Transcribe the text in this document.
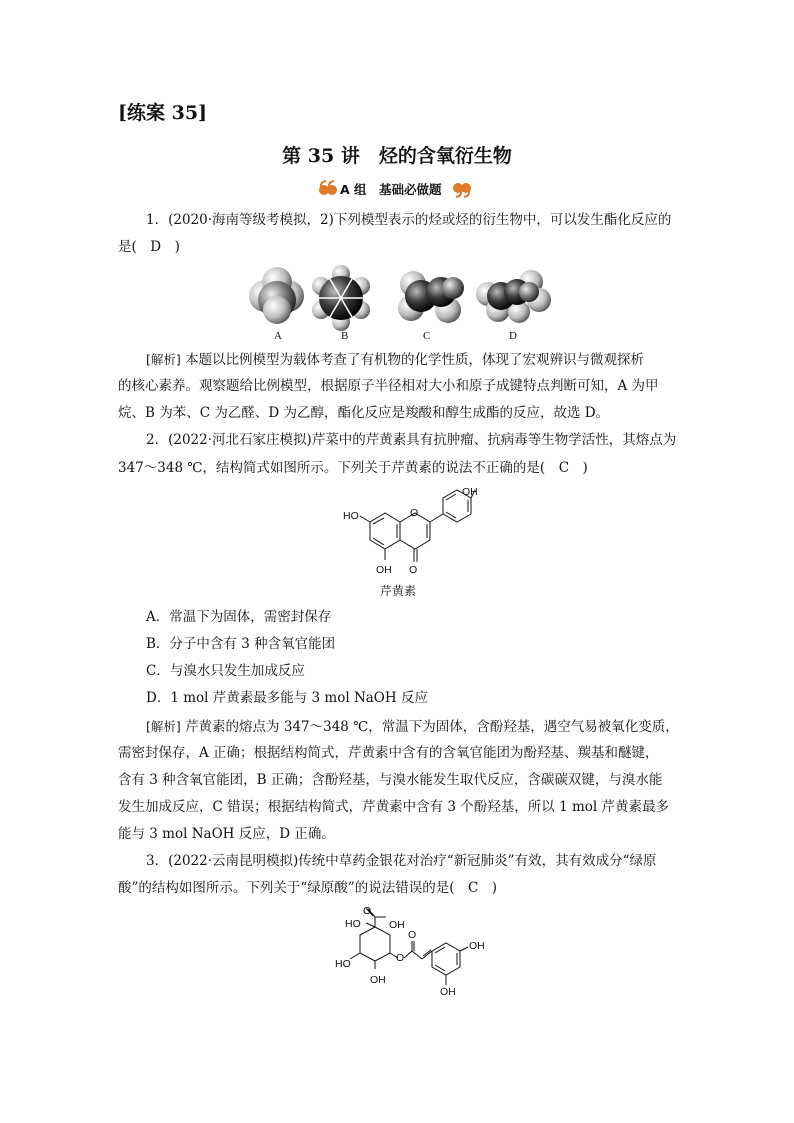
[练案 35]
第 35 讲　烃的含氧衍生物
A 组　基础必做题
1．(2020·海南等级考模拟，2)下列模型表示的烃或烃的衍生物中，可以发生酯化反应的
是(　D　)
A	B	C	D
[解析] 本题以比例模型为载体考查了有机物的化学性质，体现了宏观辨识与微观探析
的核心素养。观察题给比例模型，根据原子半径相对大小和原子成键特点判断可知，A 为甲
烷、B 为苯、C 为乙醛、D 为乙醇，酯化反应是羧酸和醇生成酯的反应，故选 D。
2．(2022·河北石家庄模拟)芹菜中的芹黄素具有抗肿瘤、抗病毒等生物学活性，其熔点为
347～348 ℃，结构简式如图所示。下列关于芹黄素的说法不正确的是(　C　)
O
OH
HO
OH O
芹黄素
A．常温下为固体，需密封保存
B．分子中含有 3 种含氧官能团
C．与溴水只发生加成反应
D．1 mol 芹黄素最多能与 3 mol NaOH 反应
[解析] 芹黄素的熔点为 347～348 ℃，常温下为固体，含酚羟基，遇空气易被氧化变质，
需密封保存，A 正确；根据结构简式，芹黄素中含有的含氧官能团为酚羟基、羰基和醚键，
含有 3 种含氧官能团，B 正确；含酚羟基，与溴水能发生取代反应，含碳碳双键，与溴水能
发生加成反应，C 错误；根据结构简式，芹黄素中含有 3 个酚羟基，所以 1 mol 芹黄素最多
能与 3 mol NaOH 反应，D 正确。
3．(2022·云南昆明模拟)传统中草药金银花对治疗“新冠肺炎”有效，其有效成分“绿原
酸”的结构如图所示。下列关于“绿原酸”的说法错误的是(　C　)
O
OH
HO
HO
OH
O
O
OH
OH
